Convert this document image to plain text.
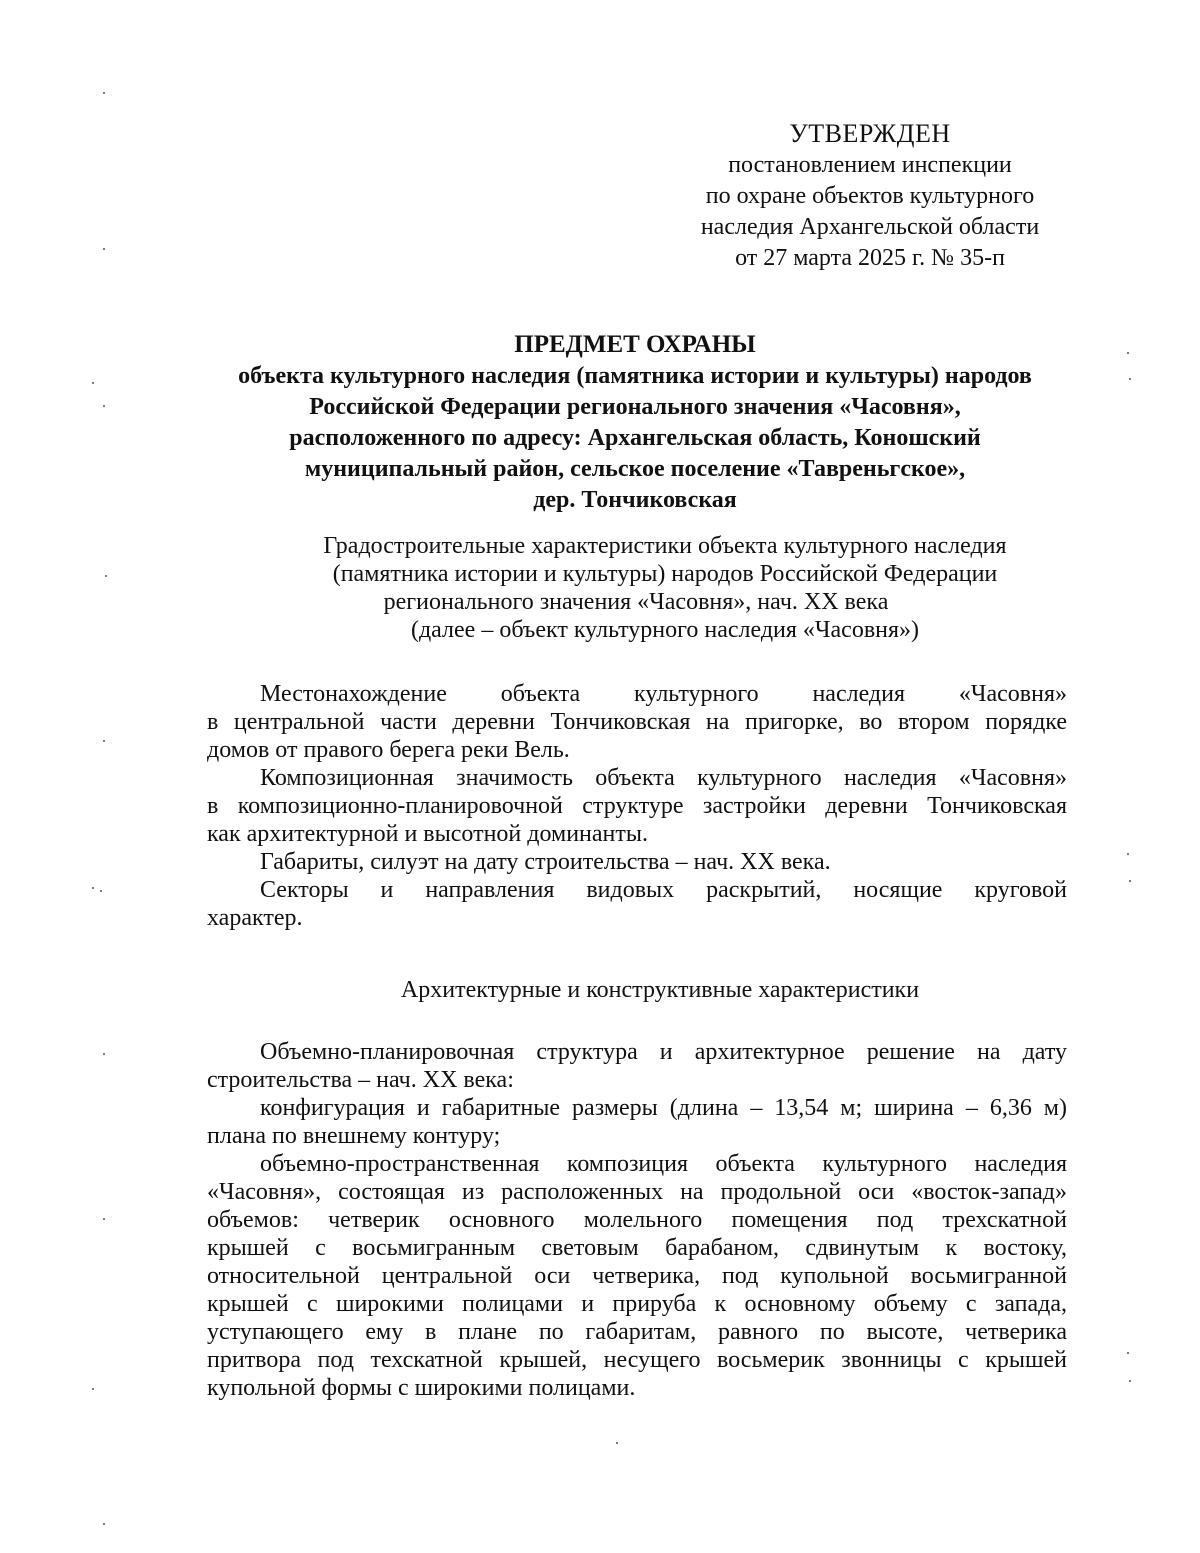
УТВЕРЖДЕН
постановлением инспекции
по охране объектов культурного
наследия Архангельской области
от 27 марта 2025 г. № 35-п
ПРЕДМЕТ ОХРАНЫ
объекта культурного наследия (памятника истории и культуры) народов
Российской Федерации регионального значения «Часовня»,
расположенного по адресу: Архангельская область, Коношский
муниципальный район, сельское поселение «Тавреньгское»,
дер. Тончиковская
Градостроительные характеристики объекта культурного наследия
(памятника истории и культуры) народов Российской Федерации
регионального значения «Часовня», нач. XX века
(далее – объект культурного наследия «Часовня»)
Местонахождение объекта культурного наследия «Часовня»
в центральной части деревни Тончиковская на пригорке, во втором порядке
домов от правого берега реки Вель.
Композиционная значимость объекта культурного наследия «Часовня»
в композиционно-планировочной структуре застройки деревни Тончиковская
как архитектурной и высотной доминанты.
Габариты, силуэт на дату строительства – нач. XX века.
Секторы и направления видовых раскрытий, носящие круговой
характер.
Архитектурные и конструктивные характеристики
Объемно-планировочная структура и архитектурное решение на дату
строительства – нач. XX века:
конфигурация и габаритные размеры (длина – 13,54 м; ширина – 6,36 м)
плана по внешнему контуру;
объемно-пространственная композиция объекта культурного наследия
«Часовня», состоящая из расположенных на продольной оси «восток-запад»
объемов: четверик основного молельного помещения под трехскатной
крышей с восьмигранным световым барабаном, сдвинутым к востоку,
относительной центральной оси четверика, под купольной восьмигранной
крышей с широкими полицами и прируба к основному объему с запада,
уступающего ему в плане по габаритам, равного по высоте, четверика
притвора под техскатной крышей, несущего восьмерик звонницы с крышей
купольной формы с широкими полицами.
